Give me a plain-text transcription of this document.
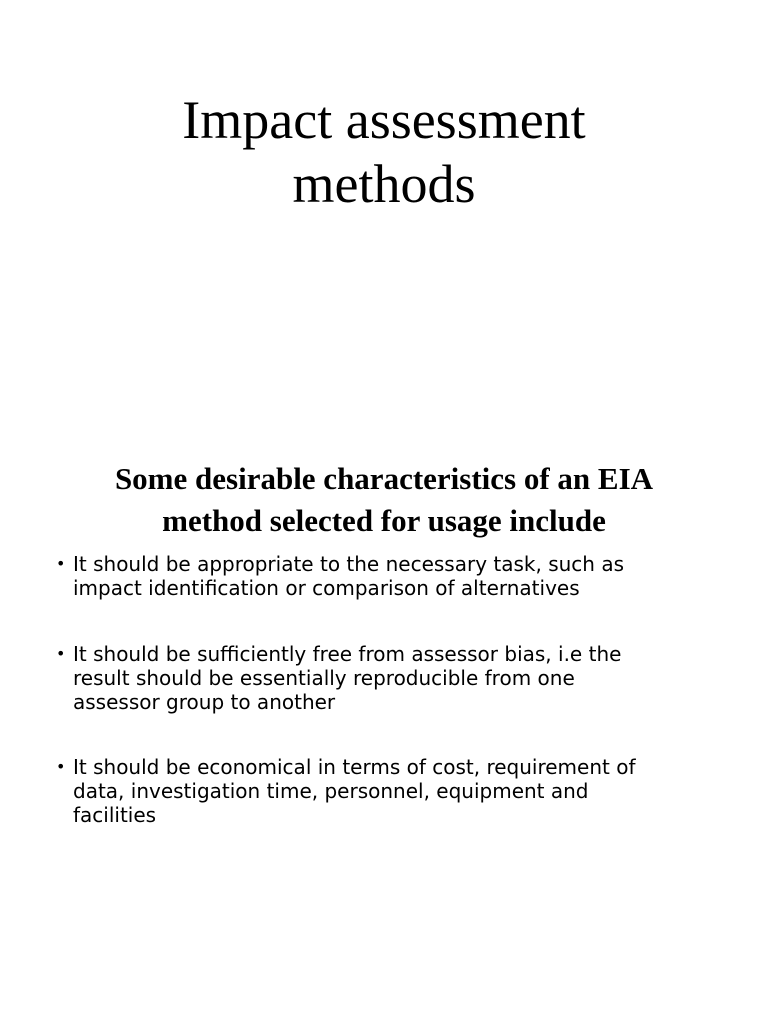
Impact assessment
methods
Some desirable characteristics of an EIA
method selected for usage include
• It should be appropriate to the necessary task, such as
impact identification or comparison of alternatives
• It should be sufficiently free from assessor bias, i.e the
result should be essentially reproducible from one
assessor group to another
• It should be economical in terms of cost, requirement of
data, investigation time, personnel, equipment and
facilities
